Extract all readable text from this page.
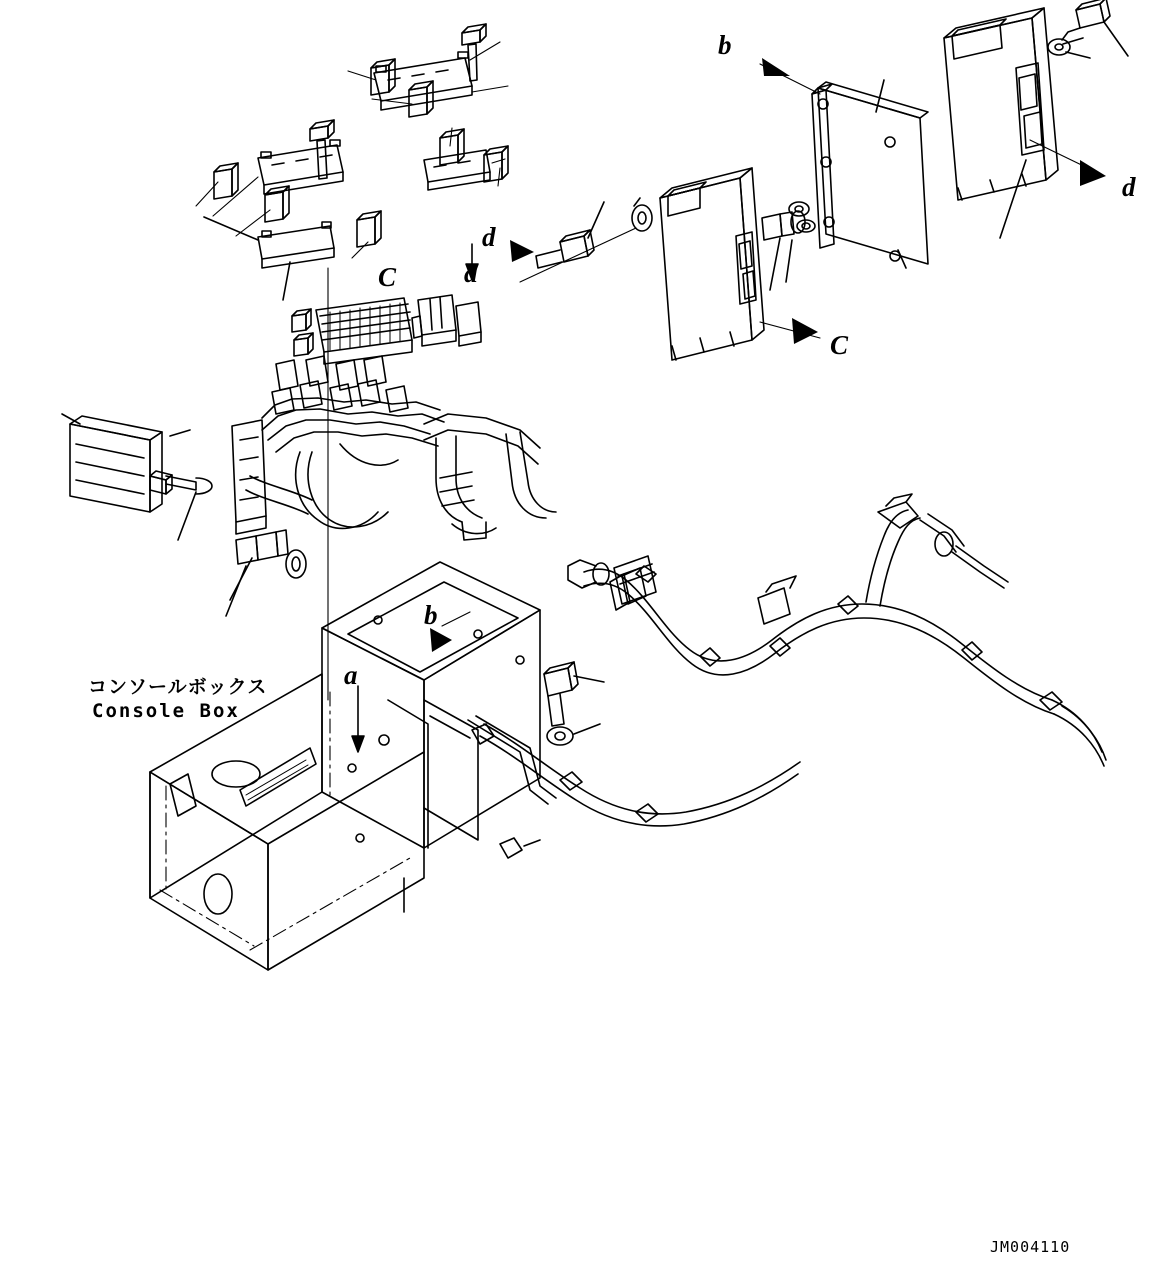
b
d
C
d
a
C
b
a
コンソールボックス
Console Box
JM004110
